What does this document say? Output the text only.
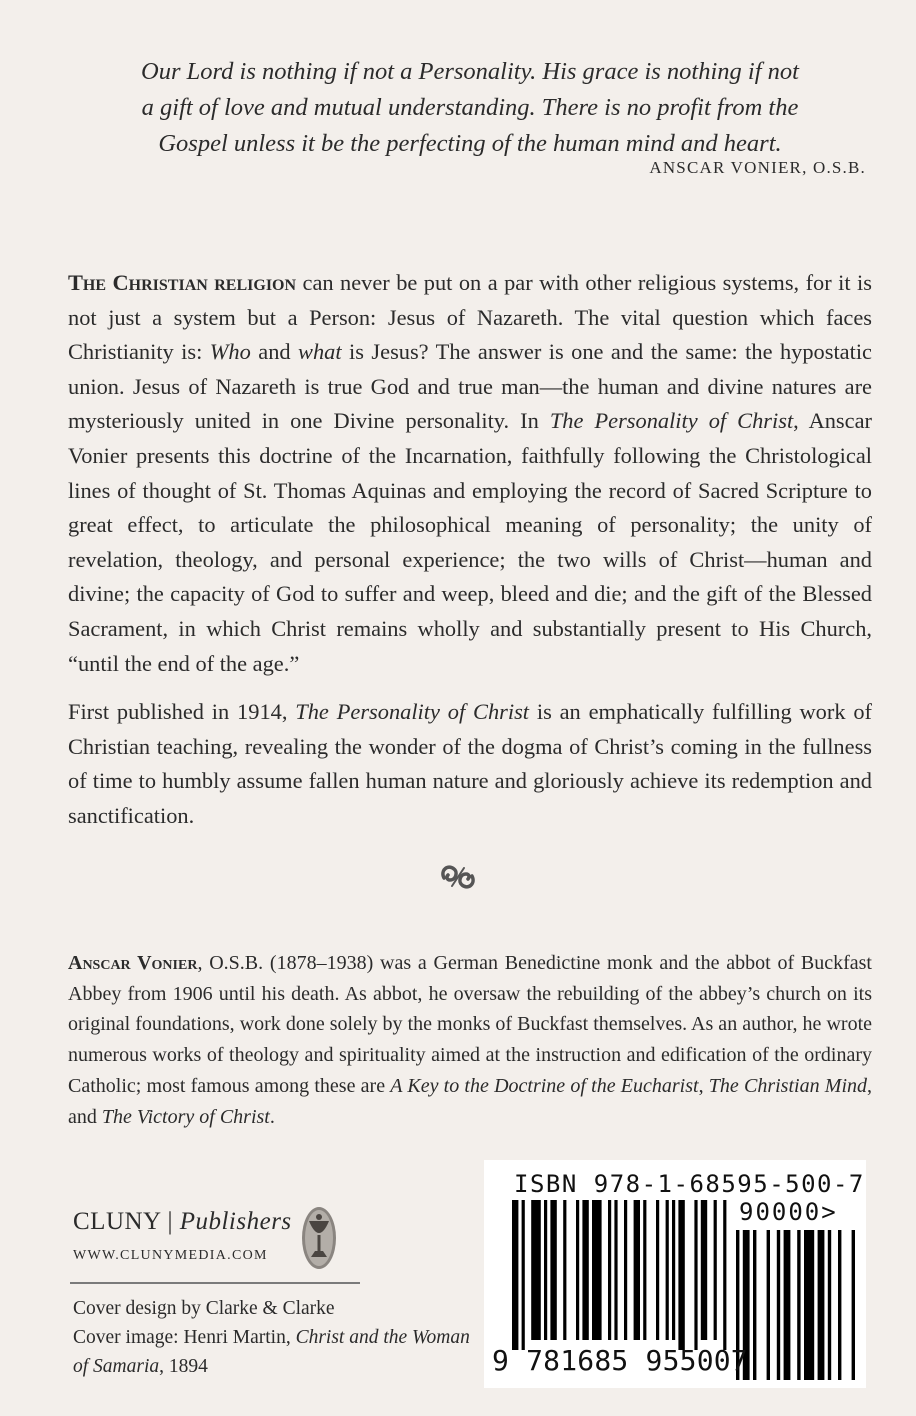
Our Lord is nothing if not a Personality. His grace is nothing if not
a gift of love and mutual understanding. There is no profit from the
Gospel unless it be the perfecting of the human mind and heart.
ANSCAR VONIER, O.S.B.

The Christian religion can never be put on a par with other religious systems, for it is not just a system but a Person: Jesus of Nazareth. The vital question which faces Christianity is: Who and what is Jesus? The answer is one and the same: the hypostatic union. Jesus of Nazareth is true God and true man—the human and divine natures are mysteriously united in one Divine personality. In The Personality of Christ, Anscar Vonier presents this doctrine of the Incarnation, faithfully following the Christological lines of thought of St. Thomas Aquinas and employing the record of Sacred Scripture to great effect, to articulate the philosophical meaning of personality; the unity of revelation, theology, and personal experience; the two wills of Christ—human and divine; the capacity of God to suffer and weep, bleed and die; and the gift of the Blessed Sacrament, in which Christ remains wholly and substantially present to His Church, “until the end of the age.”

First published in 1914, The Personality of Christ is an emphatically fulfilling work of Christian teaching, revealing the wonder of the dogma of Christ’s coming in the fullness of time to humbly assume fallen human nature and gloriously achieve its redemption and sanctification.

Anscar Vonier, O.S.B. (1878–1938) was a German Benedictine monk and the abbot of Buckfast Abbey from 1906 until his death. As abbot, he oversaw the rebuilding of the abbey’s church on its original foundations, work done solely by the monks of Buckfast themselves. As an author, he wrote numerous works of theology and spirituality aimed at the instruction and edification of the ordinary Catholic; most famous among these are A Key to the Doctrine of the Eucharist, The Christian Mind, and The Victory of Christ.

CLUNY | Publishers
WWW.CLUNYMEDIA.COM
Cover design by Clarke & Clarke
Cover image: Henri Martin, Christ and the Woman of Samaria, 1894
ISBN 978-1-68595-500-7
90000>
9 781685 955007
